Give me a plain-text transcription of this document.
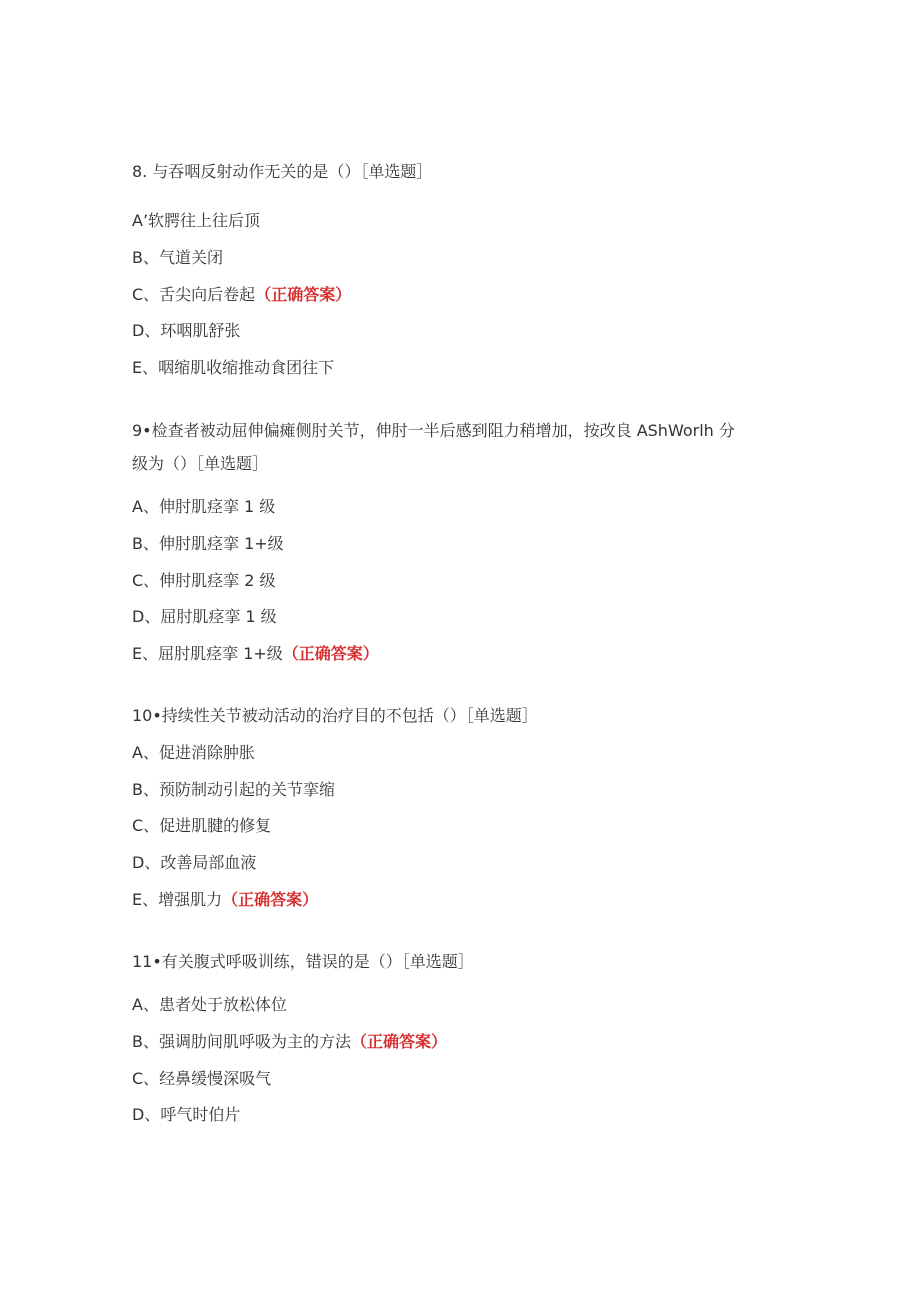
8. 与吞咽反射动作无关的是（）［单选题］
A’软腭往上往后顶
B、气道关闭
C、舌尖向后卷起（正确答案）
D、环咽肌舒张
E、咽缩肌收缩推动食团往下
9•检查者被动屈伸偏瘫侧肘关节，伸肘一半后感到阻力稍增加，按改良 AShWorlh 分
级为（）［单选题］
A、伸肘肌痉挛 1 级
B、伸肘肌痉挛 1+级
C、伸肘肌痉挛 2 级
D、屈肘肌痉挛 1 级
E、屈肘肌痉挛 1+级（正确答案）
10•持续性关节被动活动的治疗目的不包括（）［单选题］
A、促进消除肿胀
B、预防制动引起的关节挛缩
C、促进肌腱的修复
D、改善局部血液
E、增强肌力（正确答案）
11•有关腹式呼吸训练，错误的是（）［单选题］
A、患者处于放松体位
B、强调肋间肌呼吸为主的方法（正确答案）
C、经鼻缓慢深吸气
D、呼气时伯片
